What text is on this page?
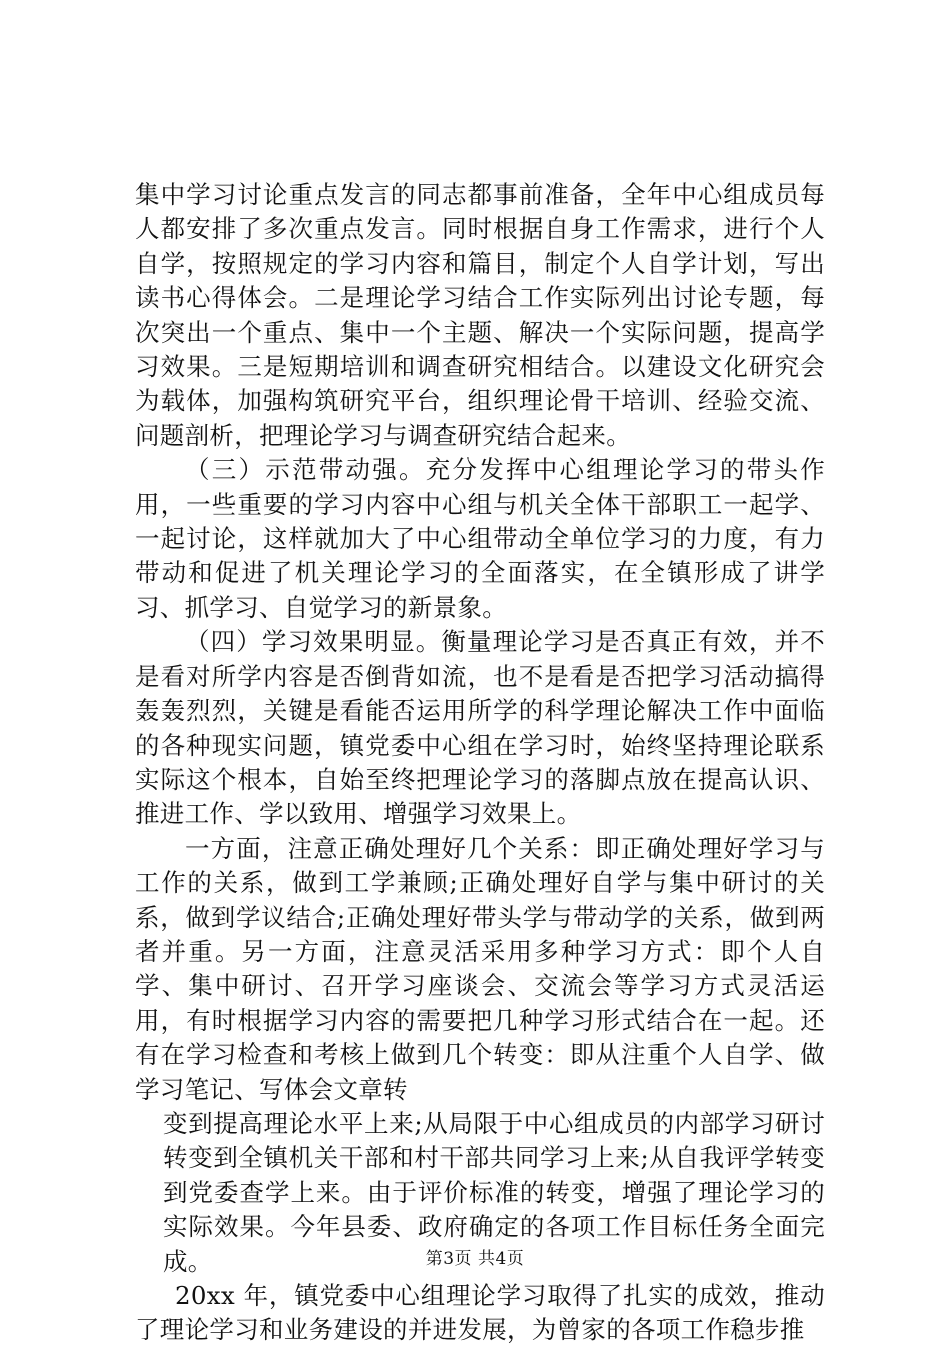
集中学习讨论重点发言的同志都事前准备，全年中心组成员每人都安排了多次重点发言。同时根据自身工作需求，进行个人自学，按照规定的学习内容和篇目，制定个人自学计划，写出读书心得体会。二是理论学习结合工作实际列出讨论专题，每次突出一个重点、集中一个主题、解决一个实际问题，提高学习效果。三是短期培训和调查研究相结合。以建设文化研究会为载体，加强构筑研究平台，组织理论骨干培训、经验交流、问题剖析，把理论学习与调查研究结合起来。

（三）示范带动强。充分发挥中心组理论学习的带头作用，一些重要的学习内容中心组与机关全体干部职工一起学、一起讨论，这样就加大了中心组带动全单位学习的力度，有力带动和促进了机关理论学习的全面落实，在全镇形成了讲学习、抓学习、自觉学习的新景象。

（四）学习效果明显。衡量理论学习是否真正有效，并不是看对所学内容是否倒背如流，也不是看是否把学习活动搞得轰轰烈烈，关键是看能否运用所学的科学理论解决工作中面临的各种现实问题，镇党委中心组在学习时，始终坚持理论联系实际这个根本，自始至终把理论学习的落脚点放在提高认识、推进工作、学以致用、增强学习效果上。

一方面，注意正确处理好几个关系：即正确处理好学习与工作的关系，做到工学兼顾;正确处理好自学与集中研讨的关系，做到学议结合;正确处理好带头学与带动学的关系，做到两者并重。另一方面，注意灵活采用多种学习方式：即个人自学、集中研讨、召开学习座谈会、交流会等学习方式灵活运用，有时根据学习内容的需要把几种学习形式结合在一起。还有在学习检查和考核上做到几个转变：即从注重个人自学、做学习笔记、写体会文章转

变到提高理论水平上来;从局限于中心组成员的内部学习研讨转变到全镇机关干部和村干部共同学习上来;从自我评学转变到党委查学上来。由于评价标准的转变，增强了理论学习的实际效果。今年县委、政府确定的各项工作目标任务全面完成。

20xx 年，镇党委中心组理论学习取得了扎实的成效，推动了理论学习和业务建设的并进发展，为曾家的各项工作稳步推

第3页 共4页
